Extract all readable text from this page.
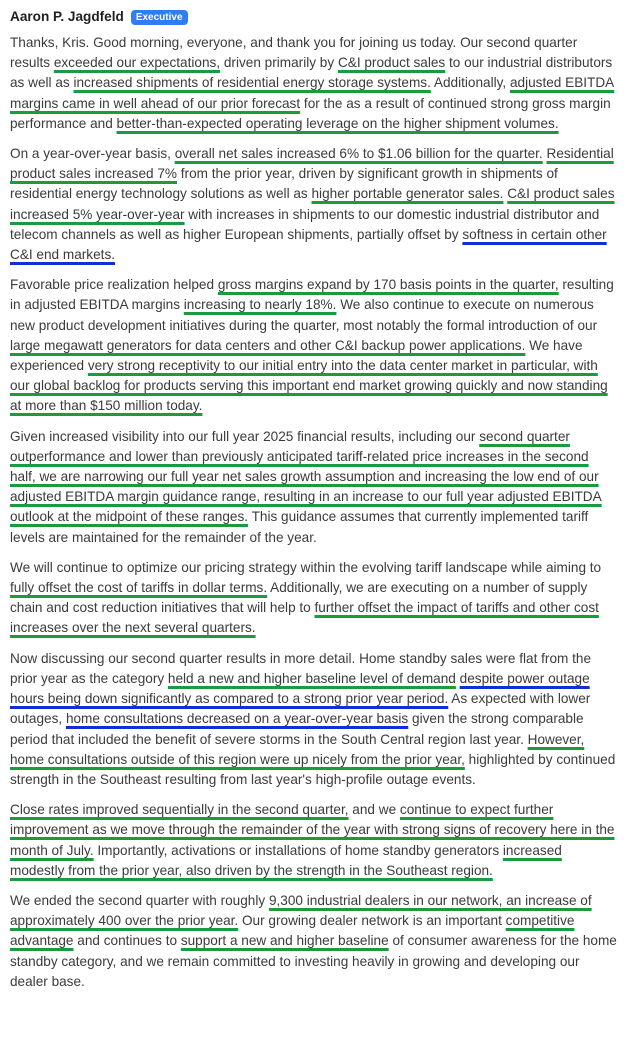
Aaron P. Jagdfeld	Executive

Thanks, Kris. Good morning, everyone, and thank you for joining us today. Our second quarter results exceeded our expectations, driven primarily by C&I product sales to our industrial distributors as well as increased shipments of residential energy storage systems. Additionally, adjusted EBITDA margins came in well ahead of our prior forecast for the as a result of continued strong gross margin performance and better-than-expected operating leverage on the higher shipment volumes.

On a year-over-year basis, overall net sales increased 6% to $1.06 billion for the quarter. Residential product sales increased 7% from the prior year, driven by significant growth in shipments of residential energy technology solutions as well as higher portable generator sales. C&I product sales increased 5% year-over-year with increases in shipments to our domestic industrial distributor and telecom channels as well as higher European shipments, partially offset by softness in certain other C&I end markets.

Favorable price realization helped gross margins expand by 170 basis points in the quarter, resulting in adjusted EBITDA margins increasing to nearly 18%. We also continue to execute on numerous new product development initiatives during the quarter, most notably the formal introduction of our large megawatt generators for data centers and other C&I backup power applications. We have experienced very strong receptivity to our initial entry into the data center market in particular, with our global backlog for products serving this important end market growing quickly and now standing at more than $150 million today.

Given increased visibility into our full year 2025 financial results, including our second quarter outperformance and lower than previously anticipated tariff-related price increases in the second half, we are narrowing our full year net sales growth assumption and increasing the low end of our adjusted EBITDA margin guidance range, resulting in an increase to our full year adjusted EBITDA outlook at the midpoint of these ranges. This guidance assumes that currently implemented tariff levels are maintained for the remainder of the year.

We will continue to optimize our pricing strategy within the evolving tariff landscape while aiming to fully offset the cost of tariffs in dollar terms. Additionally, we are executing on a number of supply chain and cost reduction initiatives that will help to further offset the impact of tariffs and other cost increases over the next several quarters.

Now discussing our second quarter results in more detail. Home standby sales were flat from the prior year as the category held a new and higher baseline level of demand despite power outage hours being down significantly as compared to a strong prior year period. As expected with lower outages, home consultations decreased on a year-over-year basis given the strong comparable period that included the benefit of severe storms in the South Central region last year. However, home consultations outside of this region were up nicely from the prior year, highlighted by continued strength in the Southeast resulting from last year's high-profile outage events.

Close rates improved sequentially in the second quarter, and we continue to expect further improvement as we move through the remainder of the year with strong signs of recovery here in the month of July. Importantly, activations or installations of home standby generators increased modestly from the prior year, also driven by the strength in the Southeast region.

We ended the second quarter with roughly 9,300 industrial dealers in our network, an increase of approximately 400 over the prior year. Our growing dealer network is an important competitive advantage and continues to support a new and higher baseline of consumer awareness for the home standby category, and we remain committed to investing heavily in growing and developing our dealer base.
